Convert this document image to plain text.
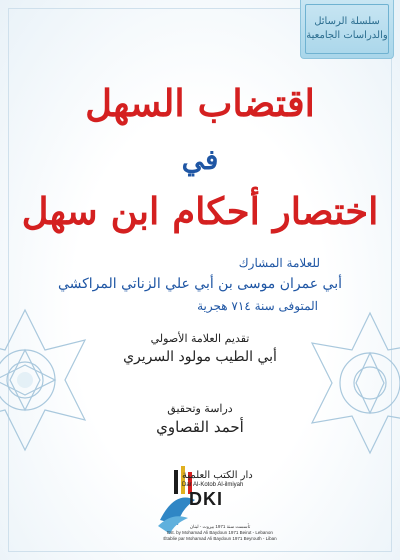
سلسلة الرسائل
والدراسات الجامعية
اقتضاب السهل
في
اختصار أحكام ابن سهل
للعلامة المشارك
أبي عمران موسى بن أبي علي الزناتي المراكشي
المتوفى سنة ٧١٤ هجرية
تقديم العلامة الأصولي
أبي الطيب مولود السريري
دراسة وتحقيق
أحمد القصاوي
دار الكتب العلمية
Dar Al-Kotob Al-ilmiyah
DKI
تأسست سنة 1971 بيروت - لبنان
Est. by Mohamad Ali Baydoun 1971 Beirut - Lebanon
Établie par Mohamad Ali Baydoun 1971 Beyrouth - Liban
